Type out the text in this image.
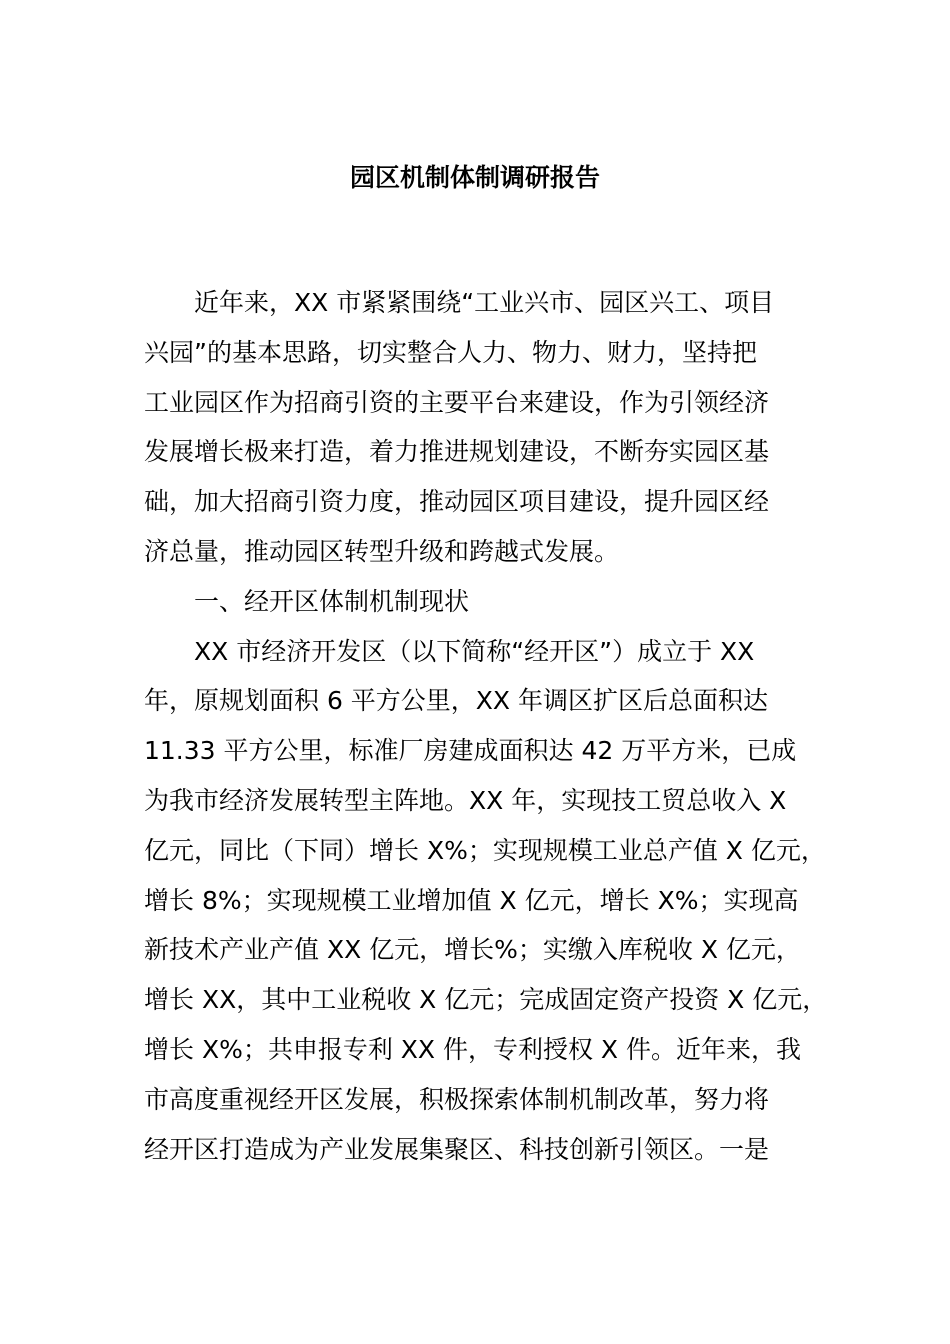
园区机制体制调研报告
近年来，XX 市紧紧围绕“工业兴市、园区兴工、项目
兴园”的基本思路，切实整合人力、物力、财力，坚持把
工业园区作为招商引资的主要平台来建设，作为引领经济
发展增长极来打造，着力推进规划建设，不断夯实园区基
础，加大招商引资力度，推动园区项目建设，提升园区经
济总量，推动园区转型升级和跨越式发展。
一、经开区体制机制现状
XX 市经济开发区（以下简称“经开区”）成立于 XX
年，原规划面积 6 平方公里，XX 年调区扩区后总面积达
11.33 平方公里，标准厂房建成面积达 42 万平方米，已成
为我市经济发展转型主阵地。XX 年，实现技工贸总收入 X
亿元，同比（下同）增长 X%；实现规模工业总产值 X 亿元，
增长 8%；实现规模工业增加值 X 亿元，增长 X%；实现高
新技术产业产值 XX 亿元，增长%；实缴入库税收 X 亿元，
增长 XX，其中工业税收 X 亿元；完成固定资产投资 X 亿元，
增长 X%；共申报专利 XX 件，专利授权 X 件。近年来，我
市高度重视经开区发展，积极探索体制机制改革，努力将
经开区打造成为产业发展集聚区、科技创新引领区。一是
